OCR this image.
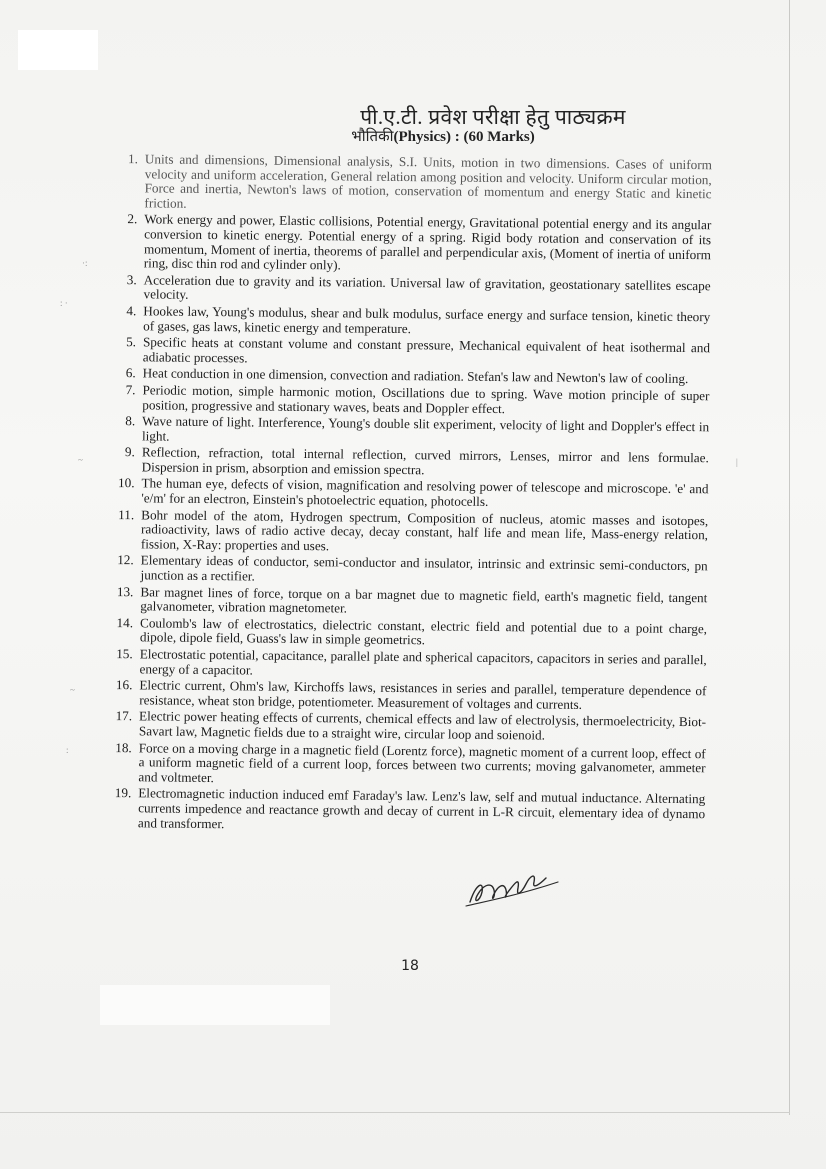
·:
: ·
~
~
:
|
पी.ए.टी. प्रवेश परीक्षा हेतु पाठ्यक्रम
भौतिकी(Physics) : (60 Marks)
1. Units and dimensions, Dimensional analysis, S.I. Units, motion in two dimensions. Cases of uniform velocity and uniform acceleration, General relation among position and velocity. Uniform circular motion, Force and inertia, Newton's laws of motion, conservation of momentum and energy Static and kinetic friction.
2. Work energy and power, Elastic collisions, Potential energy, Gravitational potential energy and its angular conversion to kinetic energy. Potential energy of a spring. Rigid body rotation and conservation of its momentum, Moment of inertia, theorems of parallel and perpendicular axis, (Moment of inertia of uniform ring, disc thin rod and cylinder only).
3. Acceleration due to gravity and its variation. Universal law of gravitation, geostationary satellites escape velocity.
4. Hookes law, Young's modulus, shear and bulk modulus, surface energy and surface tension, kinetic theory of gases, gas laws, kinetic energy and temperature.
5. Specific heats at constant volume and constant pressure, Mechanical equivalent of heat isothermal and adiabatic processes.
6. Heat conduction in one dimension, convection and radiation. Stefan's law and Newton's law of cooling.
7. Periodic motion, simple harmonic motion, Oscillations due to spring. Wave motion principle of super position, progressive and stationary waves, beats and Doppler effect.
8. Wave nature of light. Interference, Young's double slit experiment, velocity of light and Doppler's effect in light.
9. Reflection, refraction, total internal reflection, curved mirrors, Lenses, mirror and lens formulae. Dispersion in prism, absorption and emission spectra.
10. The human eye, defects of vision, magnification and resolving power of telescope and microscope. 'e' and 'e/m' for an electron, Einstein's photoelectric equation, photocells.
11. Bohr model of the atom, Hydrogen spectrum, Composition of nucleus, atomic masses and isotopes, radioactivity, laws of radio active decay, decay constant, half life and mean life, Mass-energy relation, fission, X-Ray: properties and uses.
12. Elementary ideas of conductor, semi-conductor and insulator, intrinsic and extrinsic semi-conductors, pn junction as a rectifier.
13. Bar magnet lines of force, torque on a bar magnet due to magnetic field, earth's magnetic field, tangent galvanometer, vibration magnetometer.
14. Coulomb's law of electrostatics, dielectric constant, electric field and potential due to a point charge, dipole, dipole field, Guass's law in simple geometrics.
15. Electrostatic potential, capacitance, parallel plate and spherical capacitors, capacitors in series and parallel, energy of a capacitor.
16. Electric current, Ohm's law, Kirchoffs laws, resistances in series and parallel, temperature dependence of resistance, wheat ston bridge, potentiometer. Measurement of voltages and currents.
17. Electric power heating effects of currents, chemical effects and law of electrolysis, thermoelectricity, Biot-Savart law, Magnetic fields due to a straight wire, circular loop and soienoid.
18. Force on a moving charge in a magnetic field (Lorentz force), magnetic moment of a current loop, effect of a uniform magnetic field of a current loop, forces between two currents; moving galvanometer, ammeter and voltmeter.
19. Electromagnetic induction induced emf Faraday's law. Lenz's law, self and mutual inductance. Alternating currents impedence and reactance growth and decay of current in L-R circuit, elementary idea of dynamo and transformer.
18
